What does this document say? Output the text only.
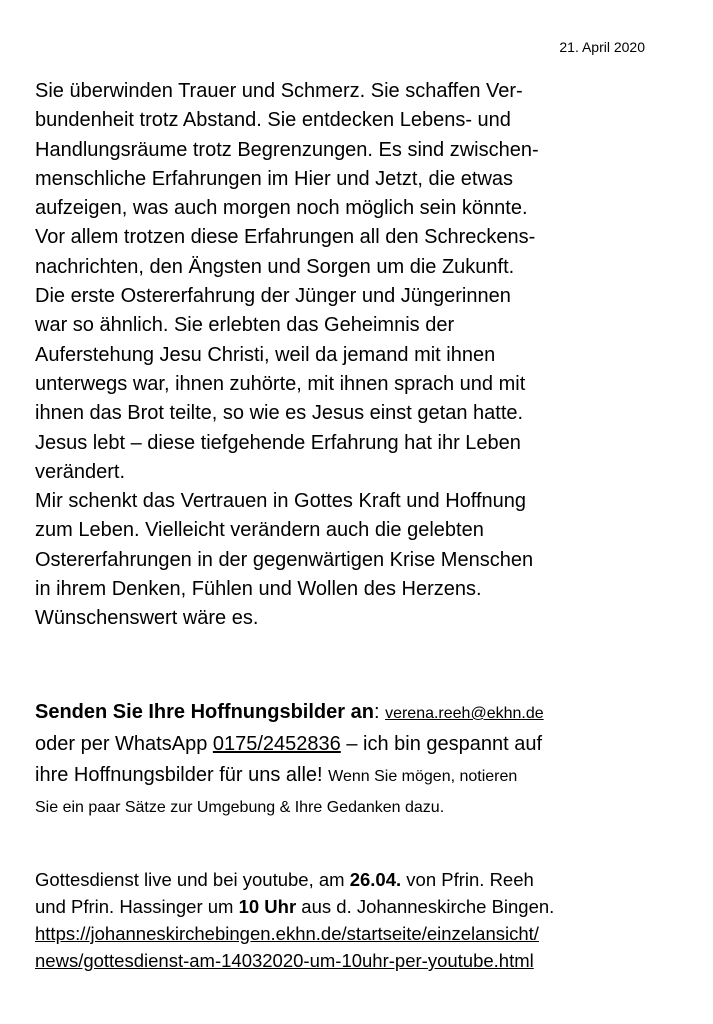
21. April 2020
Sie überwinden Trauer und Schmerz. Sie schaffen Ver-
bundenheit trotz Abstand. Sie entdecken Lebens- und
Handlungsräume trotz Begrenzungen. Es sind zwischen-
menschliche Erfahrungen im Hier und Jetzt, die etwas
aufzeigen, was auch morgen noch möglich sein könnte.
Vor allem trotzen diese Erfahrungen all den Schreckens-
nachrichten, den Ängsten und Sorgen um die Zukunft.
Die erste Ostererfahrung der Jünger und Jüngerinnen
war so ähnlich. Sie erlebten das Geheimnis der
Auferstehung Jesu Christi, weil da jemand mit ihnen
unterwegs war, ihnen zuhörte, mit ihnen sprach und mit
ihnen das Brot teilte, so wie es Jesus einst getan hatte.
Jesus lebt – diese tiefgehende Erfahrung hat ihr Leben
verändert.
Mir schenkt das Vertrauen in Gottes Kraft und Hoffnung
zum Leben. Vielleicht verändern auch die gelebten
Ostererfahrungen in der gegenwärtigen Krise Menschen
in ihrem Denken, Fühlen und Wollen des Herzens.
Wünschenswert wäre es.
Senden Sie Ihre Hoffnungsbilder an: verena.reeh@ekhn.de
oder per WhatsApp 0175/2452836 – ich bin gespannt auf
ihre Hoffnungsbilder für uns alle! Wenn Sie mögen, notieren
Sie ein paar Sätze zur Umgebung & Ihre Gedanken dazu.
Gottesdienst live und bei youtube, am 26.04. von Pfrin. Reeh
und Pfrin. Hassinger um 10 Uhr aus d. Johanneskirche Bingen.
https://johanneskirchebingen.ekhn.de/startseite/einzelansicht/
news/gottesdienst-am-14032020-um-10uhr-per-youtube.html
